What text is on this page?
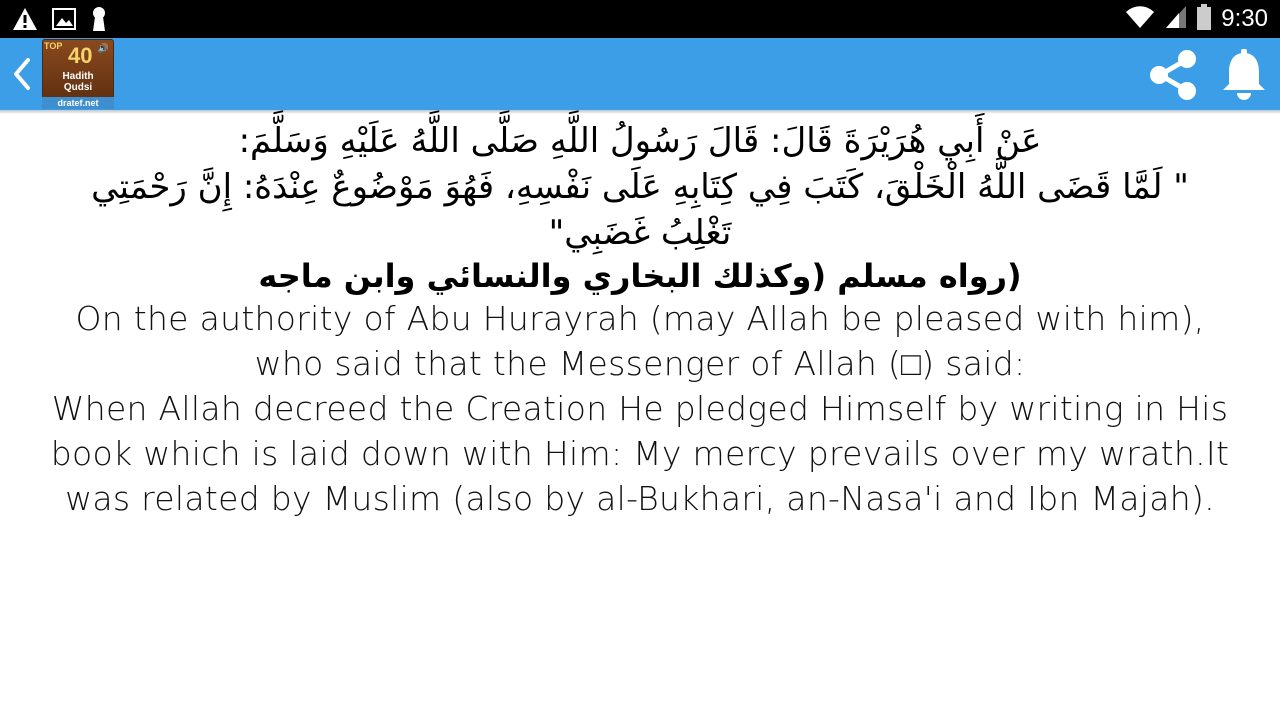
9:30
TOP	🔊
40
Hadith
Qudsi
dratef.net
عَنْ أَبِي هُرَيْرَةَ قَالَ: قَالَ رَسُولُ اللَّهِ صَلَّى اللَّهُ عَلَيْهِ وَسَلَّمَ:
" لَمَّا قَضَى اللَّهُ الْخَلْقَ، كَتَبَ فِي كِتَابِهِ عَلَى نَفْسِهِ، فَهُوَ مَوْضُوعٌ عِنْدَهُ: إِنَّ رَحْمَتِي تَغْلِبُ غَضَبِي"
(رواه مسلم (وكذلك البخاري والنسائي وابن ماجه
On the authority of Abu Hurayrah (may Allah be pleased with him),
who said that the Messenger of Allah (□) said:
When Allah decreed the Creation He pledged Himself by writing in His book which is laid down with Him: My mercy prevails over my wrath.It was related by Muslim (also by al-Bukhari, an-Nasa'i and Ibn Majah).
